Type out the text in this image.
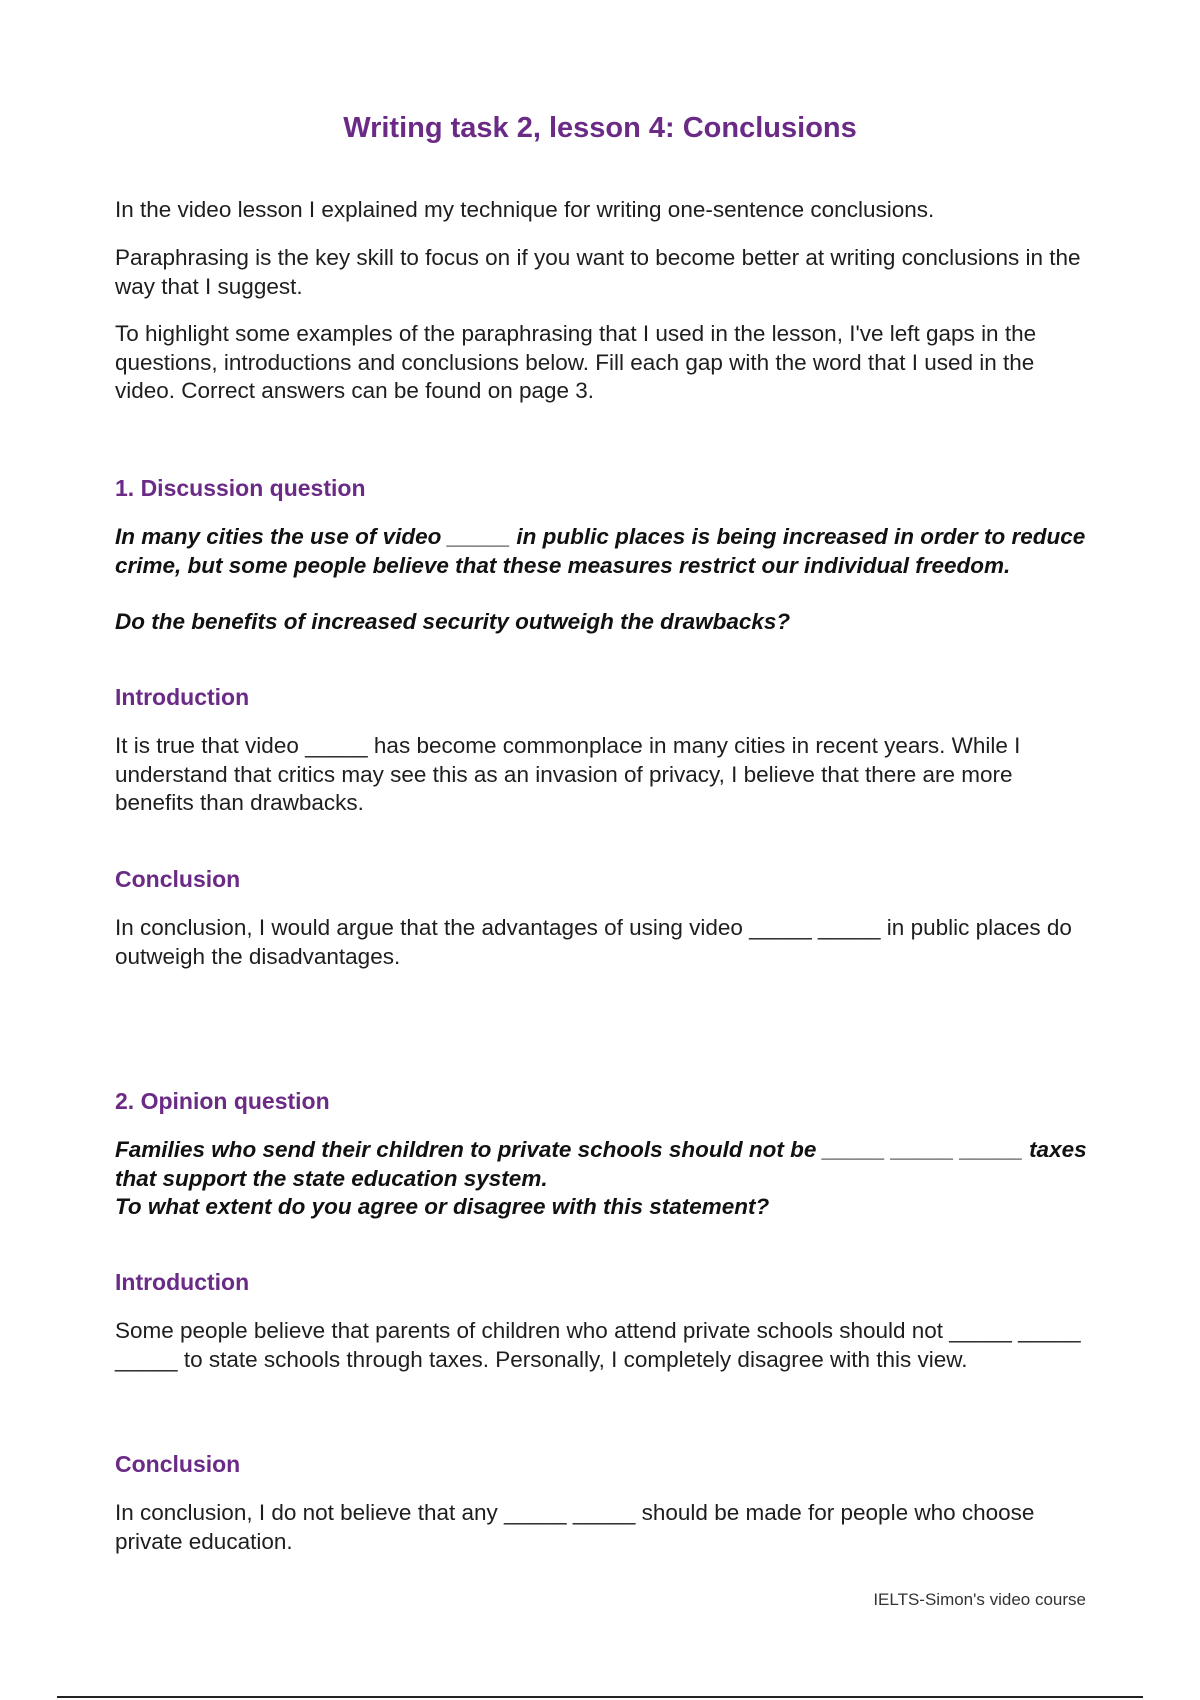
Writing task 2, lesson 4: Conclusions

In the video lesson I explained my technique for writing one-sentence conclusions.

Paraphrasing is the key skill to focus on if you want to become better at writing conclusions in the way that I suggest.

To highlight some examples of the paraphrasing that I used in the lesson, I've left gaps in the questions, introductions and conclusions below. Fill each gap with the word that I used in the video. Correct answers can be found on page 3.

1. Discussion question

In many cities the use of video _____ in public places is being increased in order to reduce crime, but some people believe that these measures restrict our individual freedom.

Do the benefits of increased security outweigh the drawbacks?

Introduction

It is true that video _____ has become commonplace in many cities in recent years. While I understand that critics may see this as an invasion of privacy, I believe that there are more benefits than drawbacks.

Conclusion

In conclusion, I would argue that the advantages of using video _____ _____ in public places do outweigh the disadvantages.

2. Opinion question

Families who send their children to private schools should not be _____ _____ _____ taxes that support the state education system.

To what extent do you agree or disagree with this statement?

Introduction

Some people believe that parents of children who attend private schools should not _____ _____ _____ to state schools through taxes. Personally, I completely disagree with this view.

Conclusion

In conclusion, I do not believe that any _____ _____ should be made for people who choose private education.

IELTS-Simon's video course
